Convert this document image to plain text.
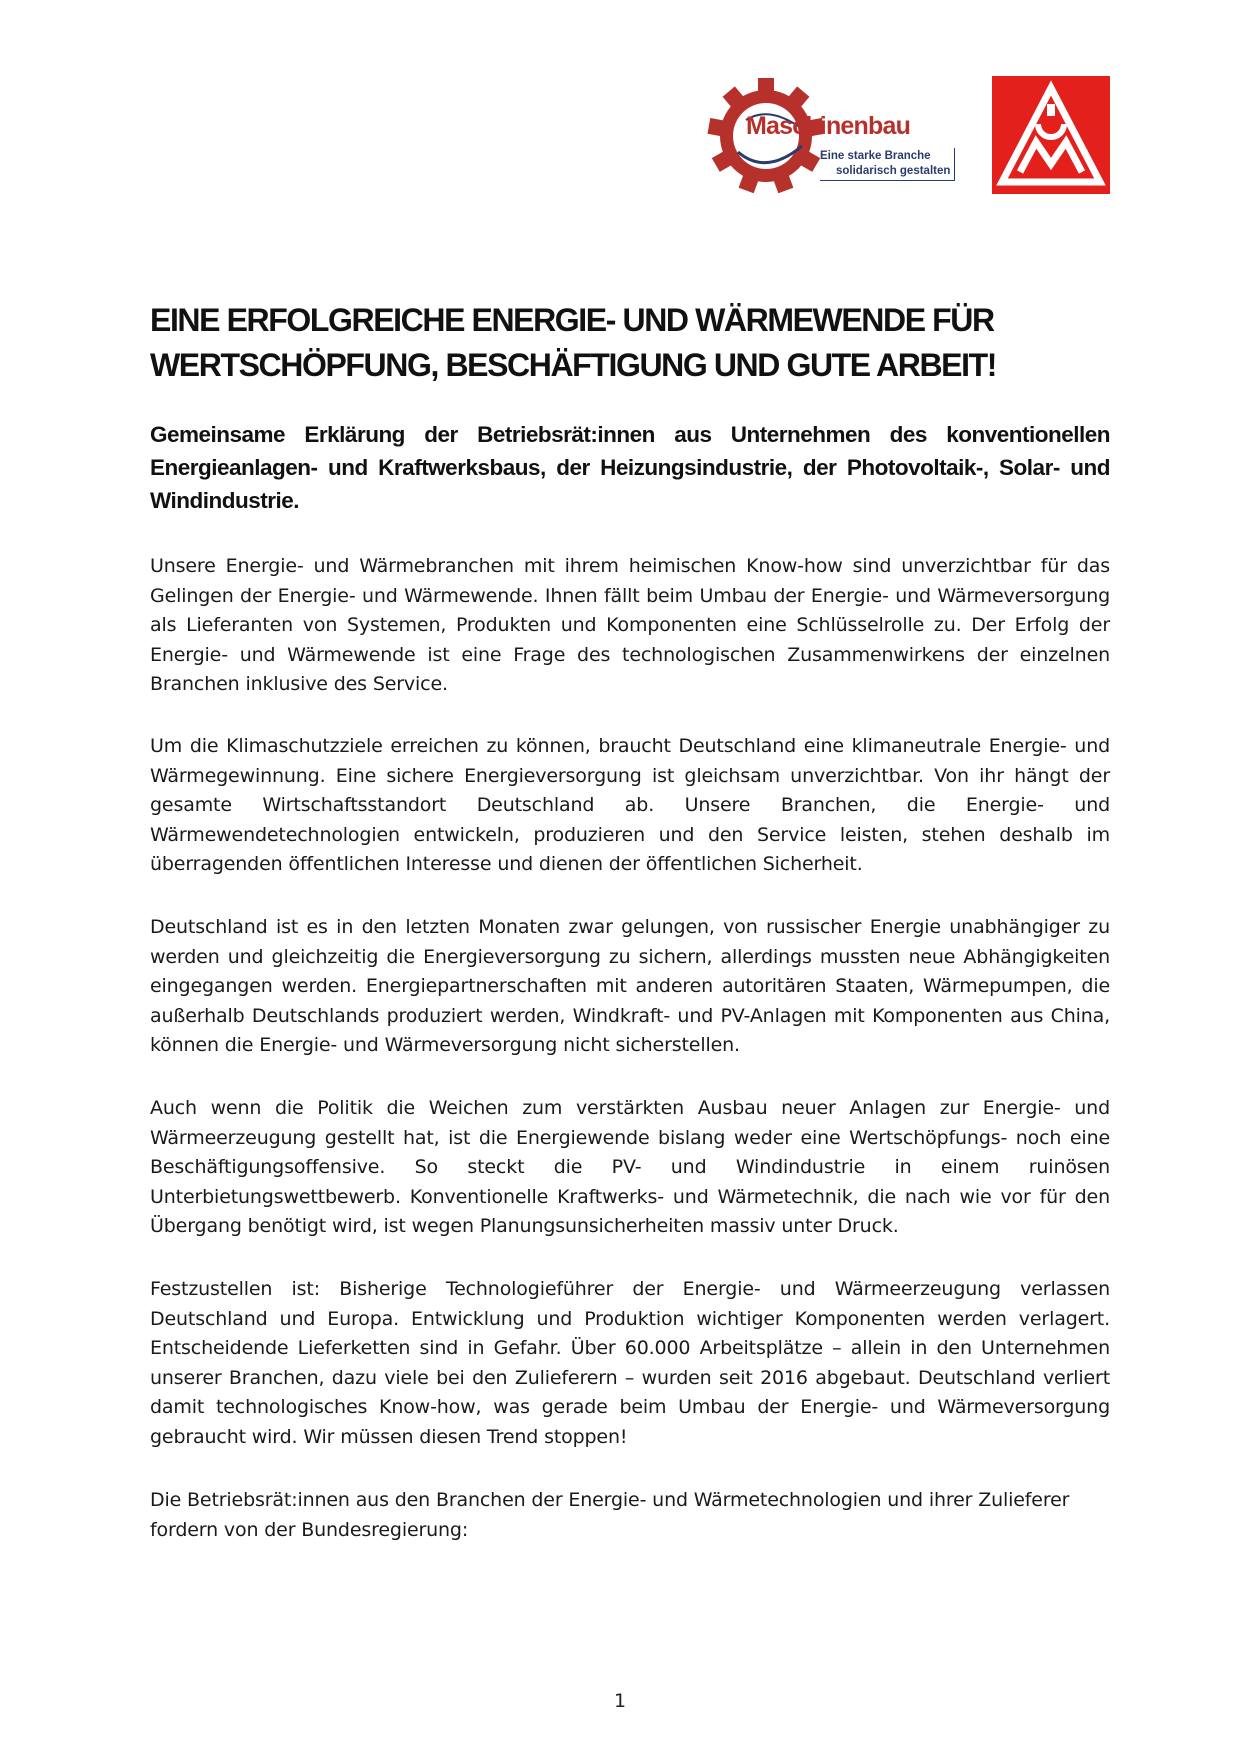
Maschinenbau
Eine starke Branche
solidarisch gestalten
EINE ERFOLGREICHE ENERGIE- UND WÄRMEWENDE FÜR WERTSCHÖPFUNG, BESCHÄFTIGUNG UND GUTE ARBEIT!

Gemeinsame Erklärung der Betriebsrät:innen aus Unternehmen des konventionellen Energieanlagen- und Kraftwerksbaus, der Heizungsindustrie, der Photovoltaik-, Solar- und Windindustrie.

Unsere Energie- und Wärmebranchen mit ihrem heimischen Know-how sind unverzichtbar für das Gelingen der Energie- und Wärmewende. Ihnen fällt beim Umbau der Energie- und Wärmeversorgung als Lieferanten von Systemen, Produkten und Komponenten eine Schlüsselrolle zu. Der Erfolg der Energie- und Wärmewende ist eine Frage des technologischen Zusammenwirkens der einzelnen Branchen inklusive des Service.

Um die Klimaschutzziele erreichen zu können, braucht Deutschland eine klimaneutrale Energie- und Wärmegewinnung. Eine sichere Energieversorgung ist gleichsam unverzichtbar. Von ihr hängt der gesamte Wirtschaftsstandort Deutschland ab. Unsere Branchen, die Energie- und Wärmewendetechnologien entwickeln, produzieren und den Service leisten, stehen deshalb im überragenden öffentlichen Interesse und dienen der öffentlichen Sicherheit.

Deutschland ist es in den letzten Monaten zwar gelungen, von russischer Energie unabhängiger zu werden und gleichzeitig die Energieversorgung zu sichern, allerdings mussten neue Abhängigkeiten eingegangen werden. Energiepartnerschaften mit anderen autoritären Staaten, Wärmepumpen, die außerhalb Deutschlands produziert werden, Windkraft- und PV-Anlagen mit Komponenten aus China, können die Energie- und Wärmeversorgung nicht sicherstellen.

Auch wenn die Politik die Weichen zum verstärkten Ausbau neuer Anlagen zur Energie- und Wärmeerzeugung gestellt hat, ist die Energiewende bislang weder eine Wertschöpfungs- noch eine Beschäftigungsoffensive. So steckt die PV- und Windindustrie in einem ruinösen Unterbietungswettbewerb. Konventionelle Kraftwerks- und Wärmetechnik, die nach wie vor für den Übergang benötigt wird, ist wegen Planungsunsicherheiten massiv unter Druck.

Festzustellen ist: Bisherige Technologieführer der Energie- und Wärmeerzeugung verlassen Deutschland und Europa. Entwicklung und Produktion wichtiger Komponenten werden verlagert. Entscheidende Lieferketten sind in Gefahr. Über 60.000 Arbeitsplätze – allein in den Unternehmen unserer Branchen, dazu viele bei den Zulieferern – wurden seit 2016 abgebaut. Deutschland verliert damit technologisches Know-how, was gerade beim Umbau der Energie- und Wärmeversorgung gebraucht wird. Wir müssen diesen Trend stoppen!

Die Betriebsrät:innen aus den Branchen der Energie- und Wärmetechnologien und ihrer Zulieferer fordern von der Bundesregierung:

1
